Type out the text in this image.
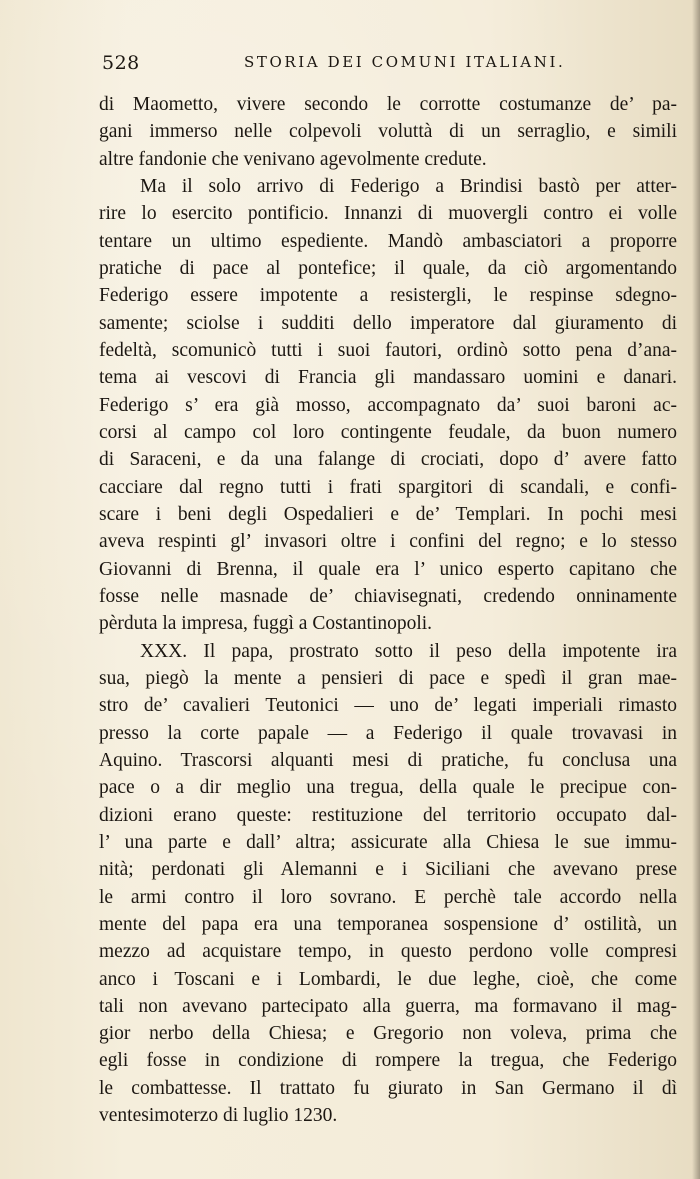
528	STORIA DEI COMUNI ITALIANI.
di Maometto, vivere secondo le corrotte costumanze de’ pa-
gani immerso nelle colpevoli voluttà di un serraglio, e simili
altre fandonie che venivano agevolmente credute.
Ma il solo arrivo di Federigo a Brindisi bastò per atter-
rire lo esercito pontificio. Innanzi di muovergli contro ei volle
tentare un ultimo espediente. Mandò ambasciatori a proporre
pratiche di pace al pontefice; il quale, da ciò argomentando
Federigo essere impotente a resistergli, le respinse sdegno-
samente; sciolse i sudditi dello imperatore dal giuramento di
fedeltà, scomunicò tutti i suoi fautori, ordinò sotto pena d’ana-
tema ai vescovi di Francia gli mandassaro uomini e danari.
Federigo s’ era già mosso, accompagnato da’ suoi baroni ac-
corsi al campo col loro contingente feudale, da buon numero
di Saraceni, e da una falange di crociati, dopo d’ avere fatto
cacciare dal regno tutti i frati spargitori di scandali, e confi-
scare i beni degli Ospedalieri e de’ Templari. In pochi mesi
aveva respinti gl’ invasori oltre i confini del regno; e lo stesso
Giovanni di Brenna, il quale era l’ unico esperto capitano che
fosse nelle masnade de’ chiavisegnati, credendo onninamente
pèrduta la impresa, fuggì a Costantinopoli.
XXX. Il papa, prostrato sotto il peso della impotente ira
sua, piegò la mente a pensieri di pace e spedì il gran mae-
stro de’ cavalieri Teutonici — uno de’ legati imperiali rimasto
presso la corte papale — a Federigo il quale trovavasi in
Aquino. Trascorsi alquanti mesi di pratiche, fu conclusa una
pace o a dir meglio una tregua, della quale le precipue con-
dizioni erano queste: restituzione del territorio occupato dal-
l’ una parte e dall’ altra; assicurate alla Chiesa le sue immu-
nità; perdonati gli Alemanni e i Siciliani che avevano prese
le armi contro il loro sovrano. E perchè tale accordo nella
mente del papa era una temporanea sospensione d’ ostilità, un
mezzo ad acquistare tempo, in questo perdono volle compresi
anco i Toscani e i Lombardi, le due leghe, cioè, che come
tali non avevano partecipato alla guerra, ma formavano il mag-
gior nerbo della Chiesa; e Gregorio non voleva, prima che
egli fosse in condizione di rompere la tregua, che Federigo
le combattesse. Il trattato fu giurato in San Germano il dì
ventesimoterzo di luglio 1230.
